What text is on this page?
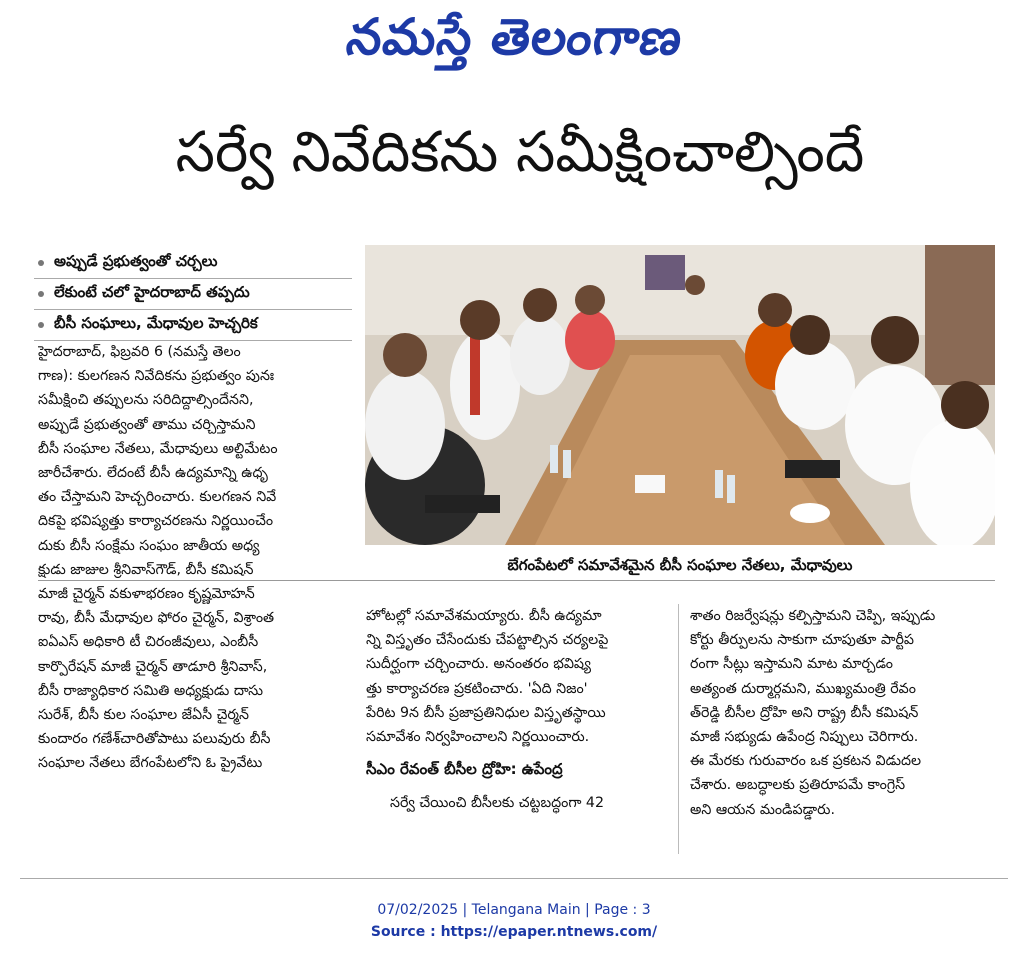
నమస్తే తెలంగాణ
సర్వే నివేదికను సమీక్షించాల్సిందే
అప్పుడే ప్రభుత్వంతో చర్చలు
లేకుంటే చలో హైదరాబాద్ తప్పదు
బీసీ సంఘాలు, మేధావుల హెచ్చరిక
హైదరాబాద్, ఫిబ్రవరి 6 (నమస్తే తెలం
గాణ): కులగణన నివేదికను ప్రభుత్వం పునః
సమీక్షించి తప్పులను సరిదిద్దాల్సిందేనని,
అప్పుడే ప్రభుత్వంతో తాము చర్చిస్తామని
బీసీ సంఘాల నేతలు, మేధావులు అల్టిమేటం
జారీచేశారు. లేదంటే బీసీ ఉద్యమాన్ని ఉధృ
తం చేస్తామని హెచ్చరించారు. కులగణన నివే
దికపై భవిష్యత్తు కార్యాచరణను నిర్ణయించేం
దుకు బీసీ సంక్షేమ సంఘం జాతీయ అధ్య
క్షుడు జాజుల శ్రీనివాస్‌గౌడ్, బీసీ కమిషన్
మాజీ చైర్మన్ వకుళాభరణం కృష్ణమోహన్
రావు, బీసీ మేధావుల ఫోరం చైర్మన్, విశ్రాంత
ఐఏఎస్ అధికారి టీ చిరంజీవులు, ఎంబీసీ
కార్పొరేషన్ మాజీ చైర్మన్ తాడూరి శ్రీనివాస్,
బీసీ రాజ్యాధికార సమితి అధ్యక్షుడు దాసు
సురేశ్, బీసీ కుల సంఘాల జేఏసీ చైర్మన్
కుందారం గణేశ్‌చారితోపాటు పలువురు బీసీ
సంఘాల నేతలు బేగంపేటలోని ఓ ప్రైవేటు
బేగంపేటలో సమావేశమైన బీసీ సంఘాల నేతలు, మేధావులు
హోటల్లో సమావేశమయ్యారు. బీసీ ఉద్యమా
న్ని విస్తృతం చేసేందుకు చేపట్టాల్సిన చర్యలపై
సుదీర్ఘంగా చర్చించారు. అనంతరం భవిష్య
త్తు కార్యాచరణ ప్రకటించారు. 'ఏది నిజం'
పేరిట 9న బీసీ ప్రజాప్రతినిధుల విస్తృతస్థాయి
సమావేశం నిర్వహించాలని నిర్ణయించారు.
సీఎం రేవంత్ బీసీల ద్రోహి: ఉపేంద్ర
సర్వే చేయించి బీసీలకు చట్టబద్ధంగా 42
శాతం రిజర్వేషన్లు కల్పిస్తామని చెప్పి, ఇప్పుడు
కోర్టు తీర్పులను సాకుగా చూపుతూ పార్టీప
రంగా సీట్లు ఇస్తామని మాట మార్చడం
అత్యంత దుర్మార్గమని, ముఖ్యమంత్రి రేవం
త్‌రెడ్డి బీసీల ద్రోహి అని రాష్ట్ర బీసీ కమిషన్
మాజీ సభ్యుడు ఉపేంద్ర నిప్పులు చెరిగారు.
ఈ మేరకు గురువారం ఒక ప్రకటన విడుదల
చేశారు. అబద్ధాలకు ప్రతిరూపమే కాంగ్రెస్
అని ఆయన మండిపడ్డారు.
07/02/2025 | Telangana Main | Page : 3
Source : https://epaper.ntnews.com/
